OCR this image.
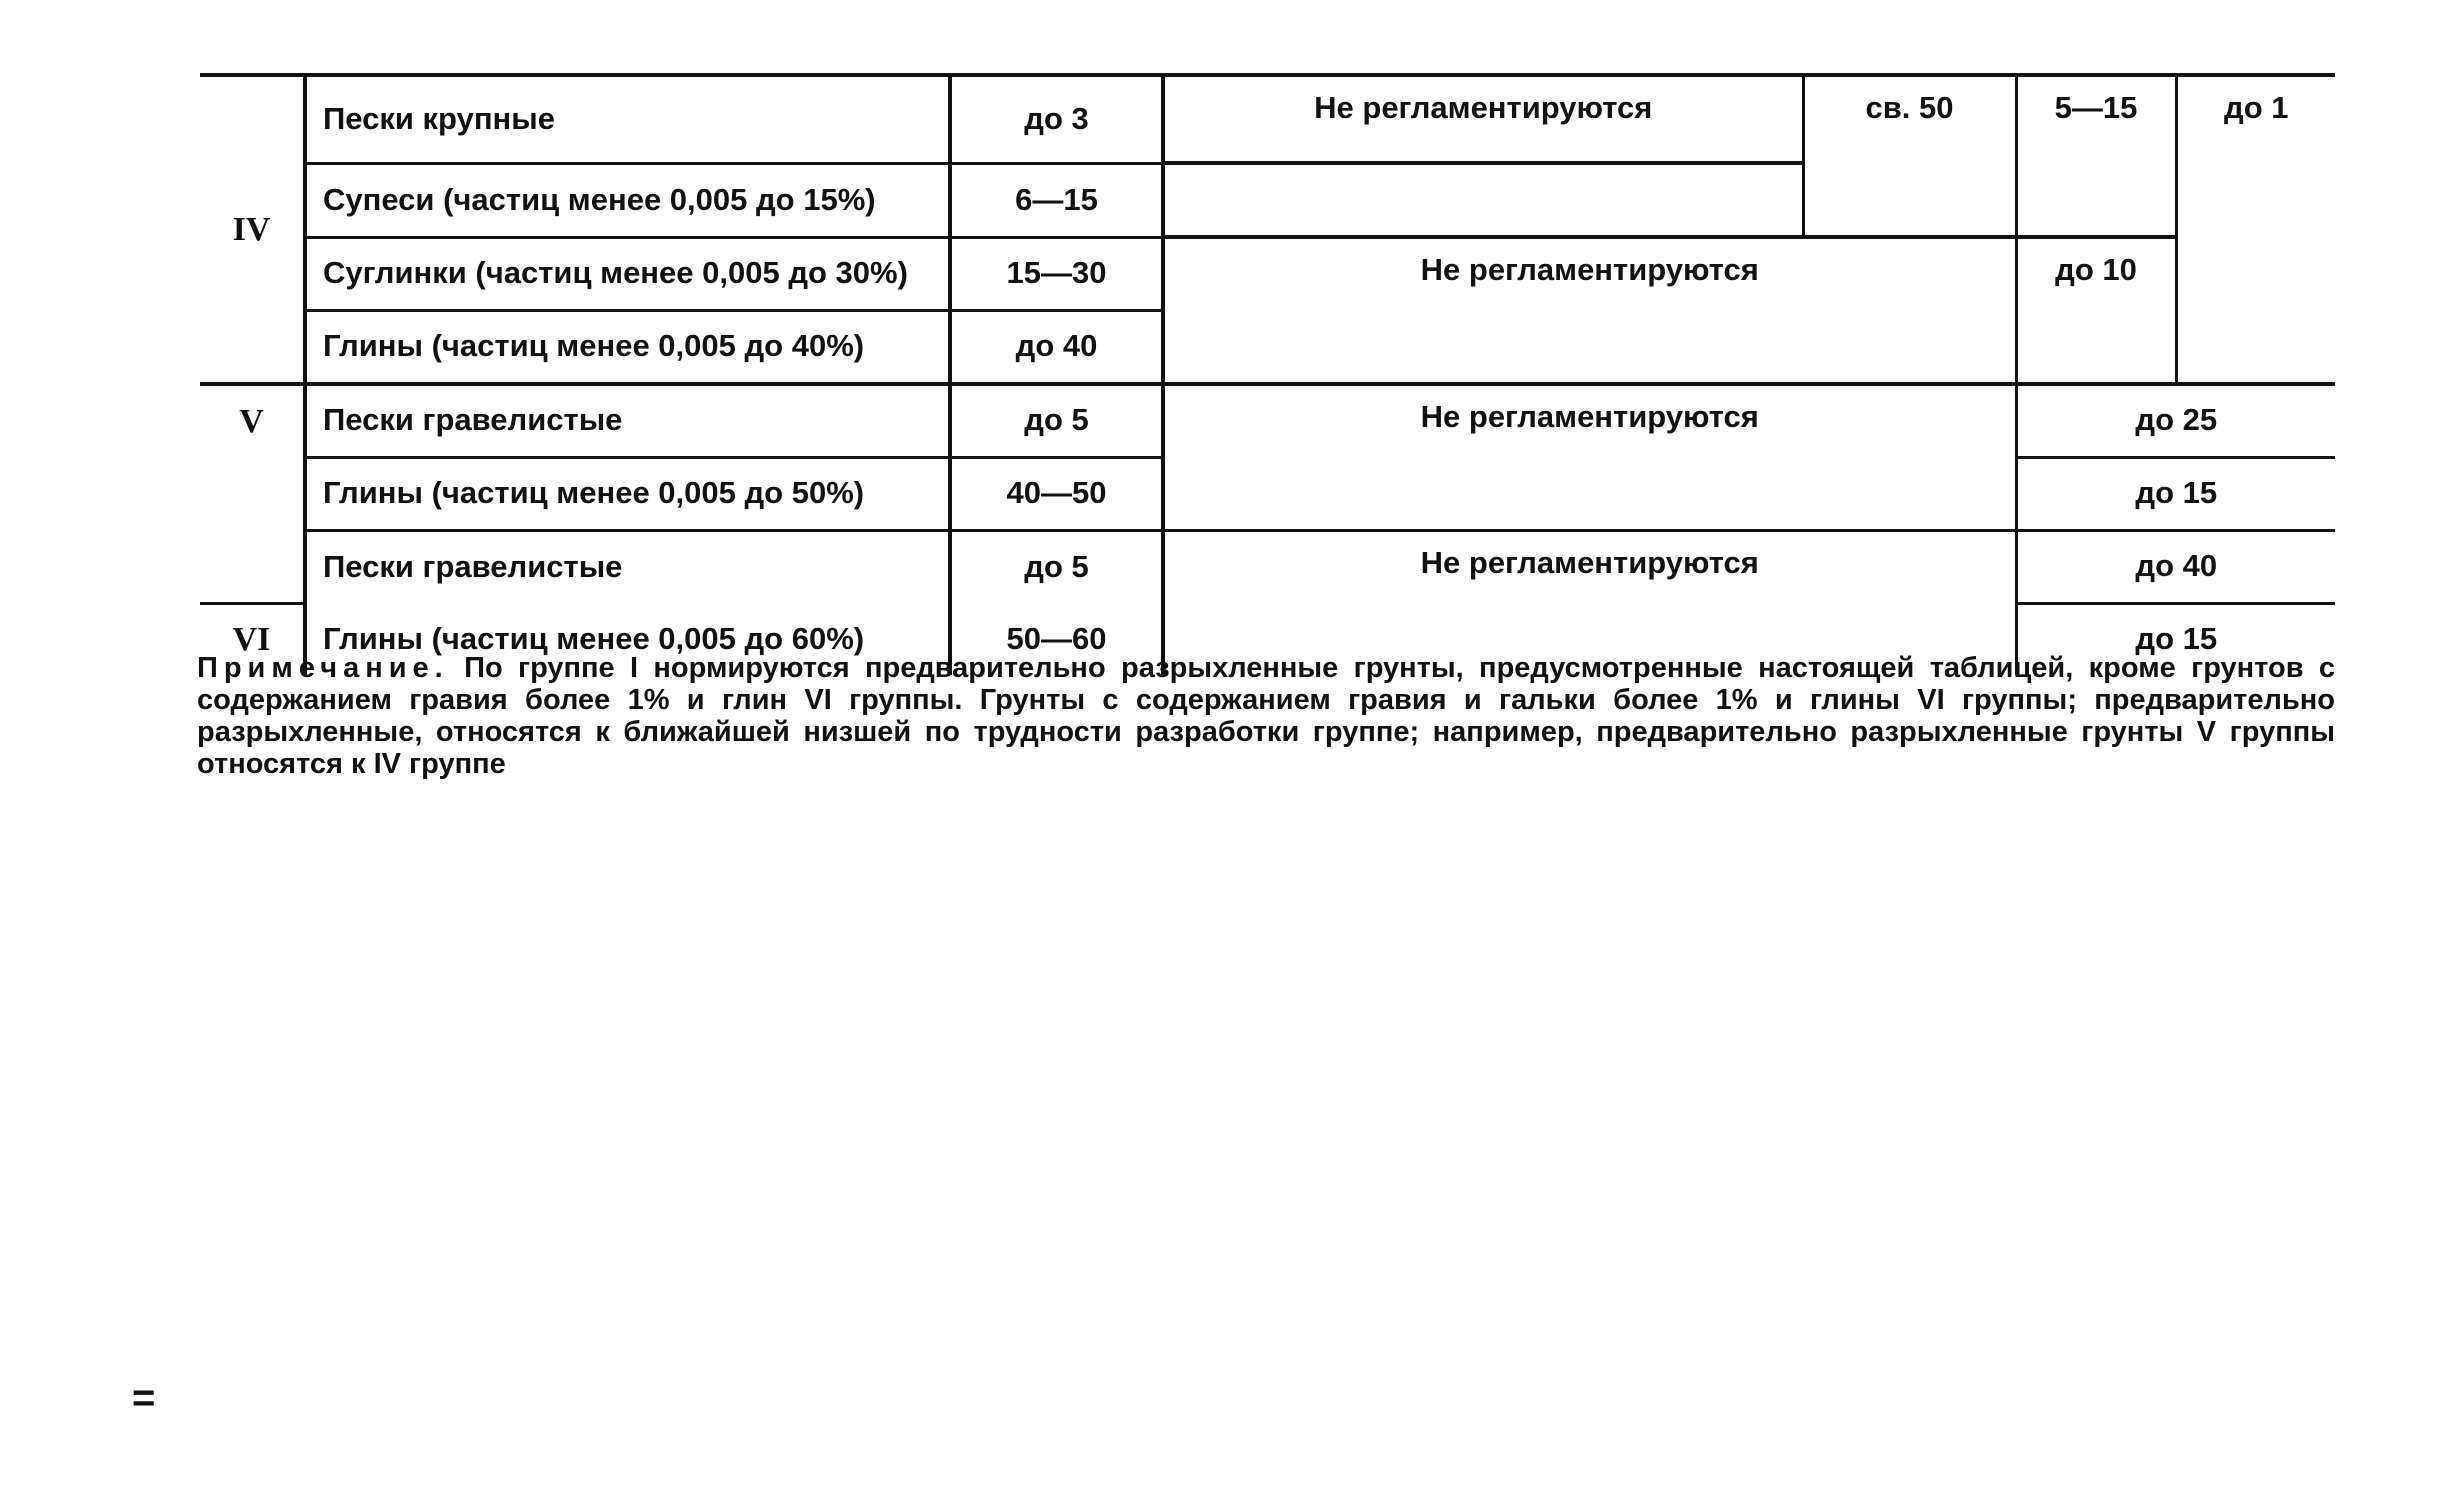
IV	Пески крупные	до 3	Не регламентируются	св. 50	5—15	до 1
	Супеси (частиц менее 0,005 до 15%)	6—15				
	Суглинки (частиц менее 0,005 до 30%)	15—30	Не регламентируются		до 10	
	Глины (частиц менее 0,005 до 40%)	до 40				
V	Пески гравелистые	до 5	Не регламентируются		до 25	
	Глины (частиц менее 0,005 до 50%)	40—50			до 15	
	Пески гравелистые	до 5	Не регламентируются		до 40	
VI	Глины (частиц менее 0,005 до 60%)	50—60			до 15	
Примечание. По группе I нормируются предварительно разрыхленные грунты, предусмотренные настоящей таблицей, кроме грунтов с содержанием гравия более 1% и глин VI группы. Грунты с содержанием гравия и гальки более 1% и глины VI группы; предварительно разрыхленные, относятся к ближайшей низшей по трудности разработки группе; например, предварительно разрыхленные грунты V группы относятся к IV группе
=
